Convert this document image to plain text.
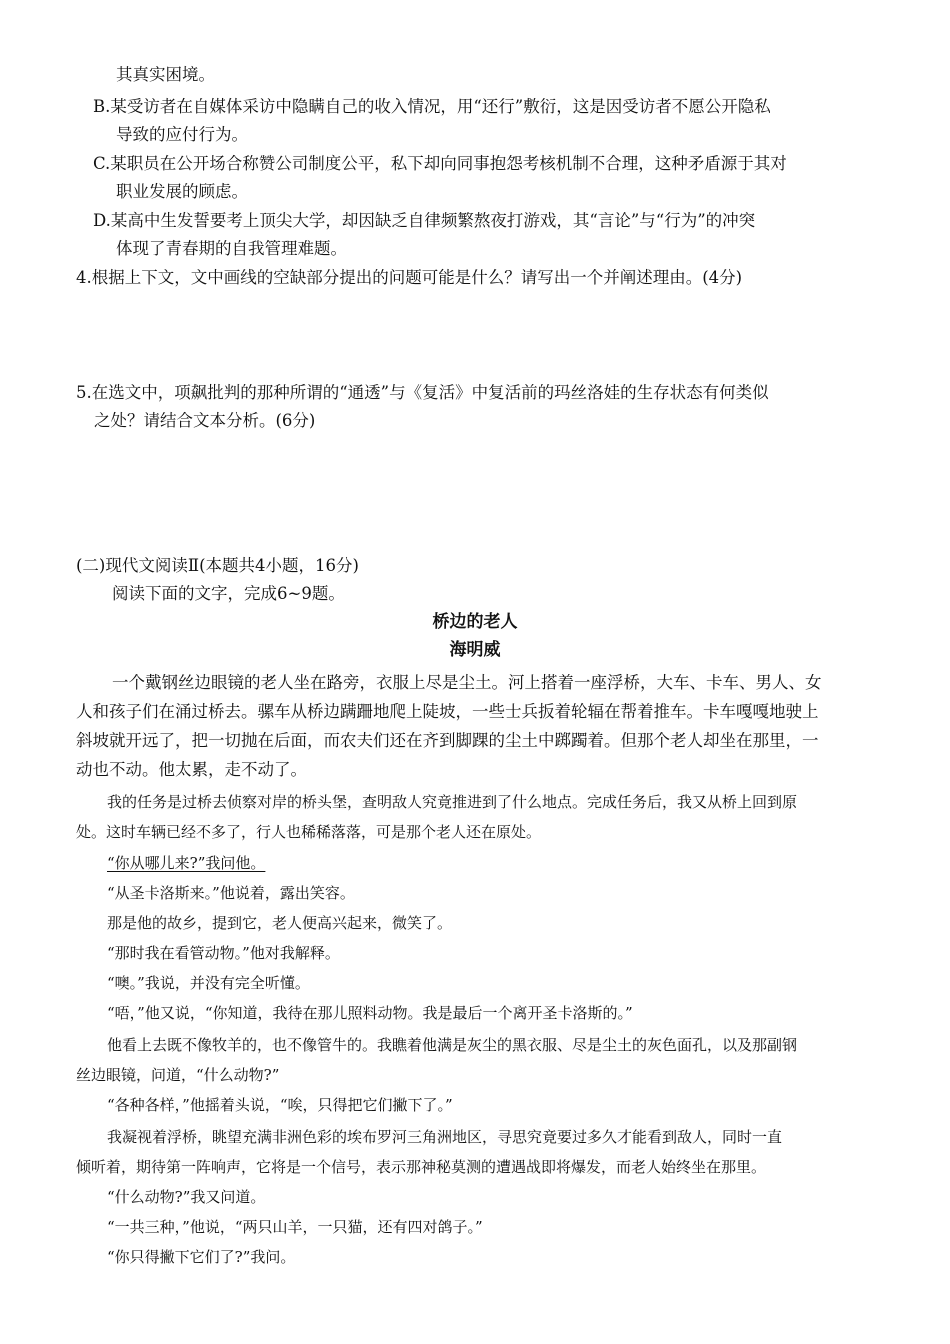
其真实困境。
B.某受访者在自媒体采访中隐瞒自己的收入情况，用“还行”敷衍，这是因受访者不愿公开隐私
导致的应付行为。
C.某职员在公开场合称赞公司制度公平，私下却向同事抱怨考核机制不合理，这种矛盾源于其对
职业发展的顾虑。
D.某高中生发誓要考上顶尖大学，却因缺乏自律频繁熬夜打游戏，其“言论”与“行为”的冲突
体现了青春期的自我管理难题。
4.根据上下文，文中画线的空缺部分提出的问题可能是什么？请写出一个并阐述理由。(4分)
5.在选文中，项飙批判的那种所谓的“通透”与《复活》中复活前的玛丝洛娃的生存状态有何类似
之处？请结合文本分析。(6分)
(二)现代文阅读Ⅱ(本题共4小题，16分)
阅读下面的文字，完成6~9题。
桥边的老人
海明威
一个戴钢丝边眼镜的老人坐在路旁，衣服上尽是尘土。河上搭着一座浮桥，大车、卡车、男人、女
人和孩子们在涌过桥去。骡车从桥边蹒跚地爬上陡坡，一些士兵扳着轮辐在帮着推车。卡车嘎嘎地驶上
斜坡就开远了，把一切抛在后面，而农夫们还在齐到脚踝的尘土中踯躅着。但那个老人却坐在那里，一
动也不动。他太累，走不动了。
我的任务是过桥去侦察对岸的桥头堡，查明敌人究竟推进到了什么地点。完成任务后，我又从桥上回到原
处。这时车辆已经不多了，行人也稀稀落落，可是那个老人还在原处。
“你从哪儿来?”我问他。
“从圣卡洛斯来。”他说着，露出笑容。
那是他的故乡，提到它，老人便高兴起来，微笑了。
“那时我在看管动物。”他对我解释。
“噢。”我说，并没有完全听懂。
“唔，”他又说，“你知道，我待在那儿照料动物。我是最后一个离开圣卡洛斯的。”
他看上去既不像牧羊的，也不像管牛的。我瞧着他满是灰尘的黑衣服、尽是尘土的灰色面孔，以及那副钢
丝边眼镜，问道，“什么动物?”
“各种各样，”他摇着头说，“唉，只得把它们撇下了。”
我凝视着浮桥，眺望充满非洲色彩的埃布罗河三角洲地区，寻思究竟要过多久才能看到敌人，同时一直
倾听着，期待第一阵响声，它将是一个信号，表示那神秘莫测的遭遇战即将爆发，而老人始终坐在那里。
“什么动物?”我又问道。
“一共三种，”他说，“两只山羊，一只猫，还有四对鸽子。”
“你只得撇下它们了?”我问。
